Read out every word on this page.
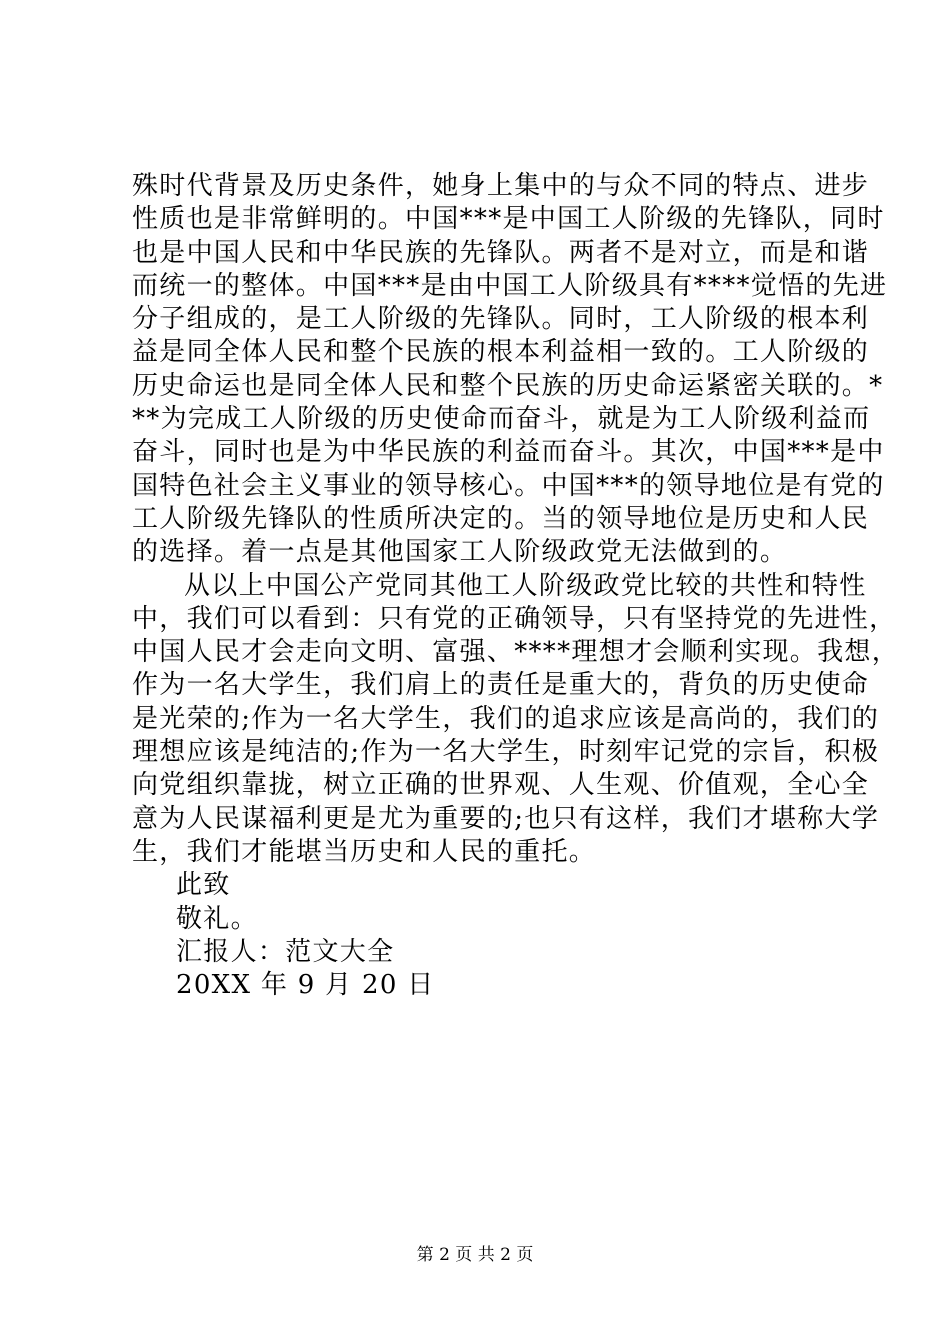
殊时代背景及历史条件，她身上集中的与众不同的特点、进步
性质也是非常鲜明的。中国***是中国工人阶级的先锋队，同时
也是中国人民和中华民族的先锋队。两者不是对立，而是和谐
而统一的整体。中国***是由中国工人阶级具有****觉悟的先进
分子组成的，是工人阶级的先锋队。同时，工人阶级的根本利
益是同全体人民和整个民族的根本利益相一致的。工人阶级的
历史命运也是同全体人民和整个民族的历史命运紧密关联的。*
**为完成工人阶级的历史使命而奋斗，就是为工人阶级利益而
奋斗，同时也是为中华民族的利益而奋斗。其次，中国***是中
国特色社会主义事业的领导核心。中国***的领导地位是有党的
工人阶级先锋队的性质所决定的。当的领导地位是历史和人民
的选择。着一点是其他国家工人阶级政党无法做到的。
从以上中国公产党同其他工人阶级政党比较的共性和特性
中，我们可以看到：只有党的正确领导，只有坚持党的先进性，
中国人民才会走向文明、富强、****理想才会顺利实现。我想，
作为一名大学生，我们肩上的责任是重大的，背负的历史使命
是光荣的;作为一名大学生，我们的追求应该是高尚的，我们的
理想应该是纯洁的;作为一名大学生，时刻牢记党的宗旨，积极
向党组织靠拢，树立正确的世界观、人生观、价值观，全心全
意为人民谋福利更是尤为重要的;也只有这样，我们才堪称大学
生，我们才能堪当历史和人民的重托。
此致
敬礼。
汇报人：范文大全
20XX 年 9 月 20 日
第 2 页 共 2 页
